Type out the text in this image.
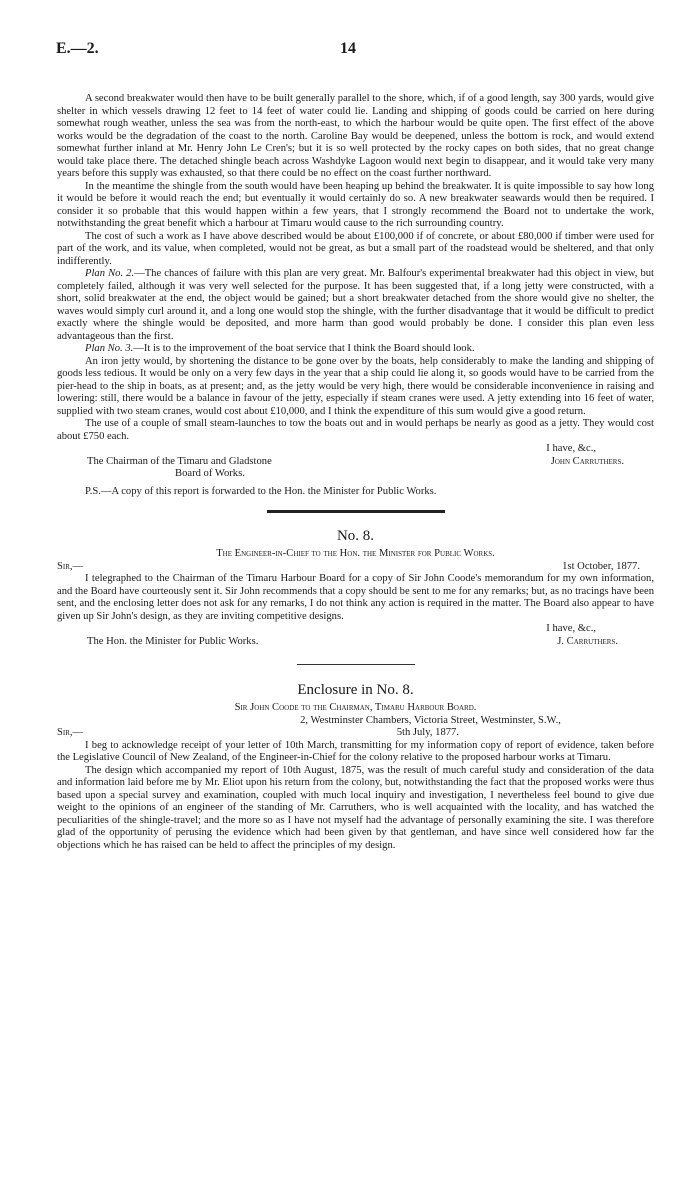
E.—2.	14

A second breakwater would then have to be built generally parallel to the shore, which, if of a good length, say 300 yards, would give shelter in which vessels drawing 12 feet to 14 feet of water could lie. Landing and shipping of goods could be carried on here during somewhat rough weather, unless the sea was from the north-east, to which the harbour would be quite open. The first effect of the above works would be the degradation of the coast to the north. Caroline Bay would be deepened, unless the bottom is rock, and would extend somewhat further inland at Mr. Henry John Le Cren's; but it is so well protected by the rocky capes on both sides, that no great change would take place there. The detached shingle beach across Washdyke Lagoon would next begin to disappear, and it would take very many years before this supply was exhausted, so that there could be no effect on the coast further northward.

In the meantime the shingle from the south would have been heaping up behind the breakwater. It is quite impossible to say how long it would be before it would reach the end; but eventually it would certainly do so. A new breakwater seawards would then be required. I consider it so probable that this would happen within a few years, that I strongly recommend the Board not to undertake the work, notwithstanding the great benefit which a harbour at Timaru would cause to the rich surrounding country.

The cost of such a work as I have above described would be about £100,000 if of concrete, or about £80,000 if timber were used for part of the work, and its value, when completed, would not be great, as but a small part of the roadstead would be sheltered, and that only indifferently.

Plan No. 2.—The chances of failure with this plan are very great. Mr. Balfour's experimental breakwater had this object in view, but completely failed, although it was very well selected for the purpose. It has been suggested that, if a long jetty were constructed, with a short, solid breakwater at the end, the object would be gained; but a short breakwater detached from the shore would give no shelter, the waves would simply curl around it, and a long one would stop the shingle, with the further disadvantage that it would be difficult to predict exactly where the shingle would be deposited, and more harm than good would probably be done. I consider this plan even less advantageous than the first.

Plan No. 3.—It is to the improvement of the boat service that I think the Board should look.

An iron jetty would, by shortening the distance to be gone over by the boats, help considerably to make the landing and shipping of goods less tedious. It would be only on a very few days in the year that a ship could lie along it, so goods would have to be carried from the pier-head to the ship in boats, as at present; and, as the jetty would be very high, there would be considerable inconvenience in raising and lowering: still, there would be a balance in favour of the jetty, especially if steam cranes were used. A jetty extending into 16 feet of water, supplied with two steam cranes, would cost about £10,000, and I think the expenditure of this sum would give a good return.

The use of a couple of small steam-launches to tow the boats out and in would perhaps be nearly as good as a jetty. They would cost about £750 each.

I have, &c.,
The Chairman of the Timaru and Gladstone	John Carruthers.
Board of Works.

P.S.—A copy of this report is forwarded to the Hon. the Minister for Public Works.

No. 8.

The Engineer-in-Chief to the Hon. the Minister for Public Works.

Sir,—	1st October, 1877.

I telegraphed to the Chairman of the Timaru Harbour Board for a copy of Sir John Coode's memorandum for my own information, and the Board have courteously sent it. Sir John recommends that a copy should be sent to me for any remarks; but, as no tracings have been sent, and the enclosing letter does not ask for any remarks, I do not think any action is required in the matter. The Board also appear to have given up Sir John's design, as they are inviting competitive designs.

I have, &c.,
The Hon. the Minister for Public Works.	J. Carruthers.
Enclosure in No. 8.

Sir John Coode to the Chairman, Timaru Harbour Board.

2, Westminster Chambers, Victoria Street, Westminster, S.W.,

Sir,—	5th July, 1877.

I beg to acknowledge receipt of your letter of 10th March, transmitting for my information copy of report of evidence, taken before the Legislative Council of New Zealand, of the Engineer-in-Chief for the colony relative to the proposed harbour works at Timaru.

The design which accompanied my report of 10th August, 1875, was the result of much careful study and consideration of the data and information laid before me by Mr. Eliot upon his return from the colony, but, notwithstanding the fact that the proposed works were thus based upon a special survey and examination, coupled with much local inquiry and investigation, I nevertheless feel bound to give due weight to the opinions of an engineer of the standing of Mr. Carruthers, who is well acquainted with the locality, and has watched the peculiarities of the shingle-travel; and the more so as I have not myself had the advantage of personally examining the site. I was therefore glad of the opportunity of perusing the evidence which had been given by that gentleman, and have since well considered how far the objections which he has raised can be held to affect the principles of my design.
